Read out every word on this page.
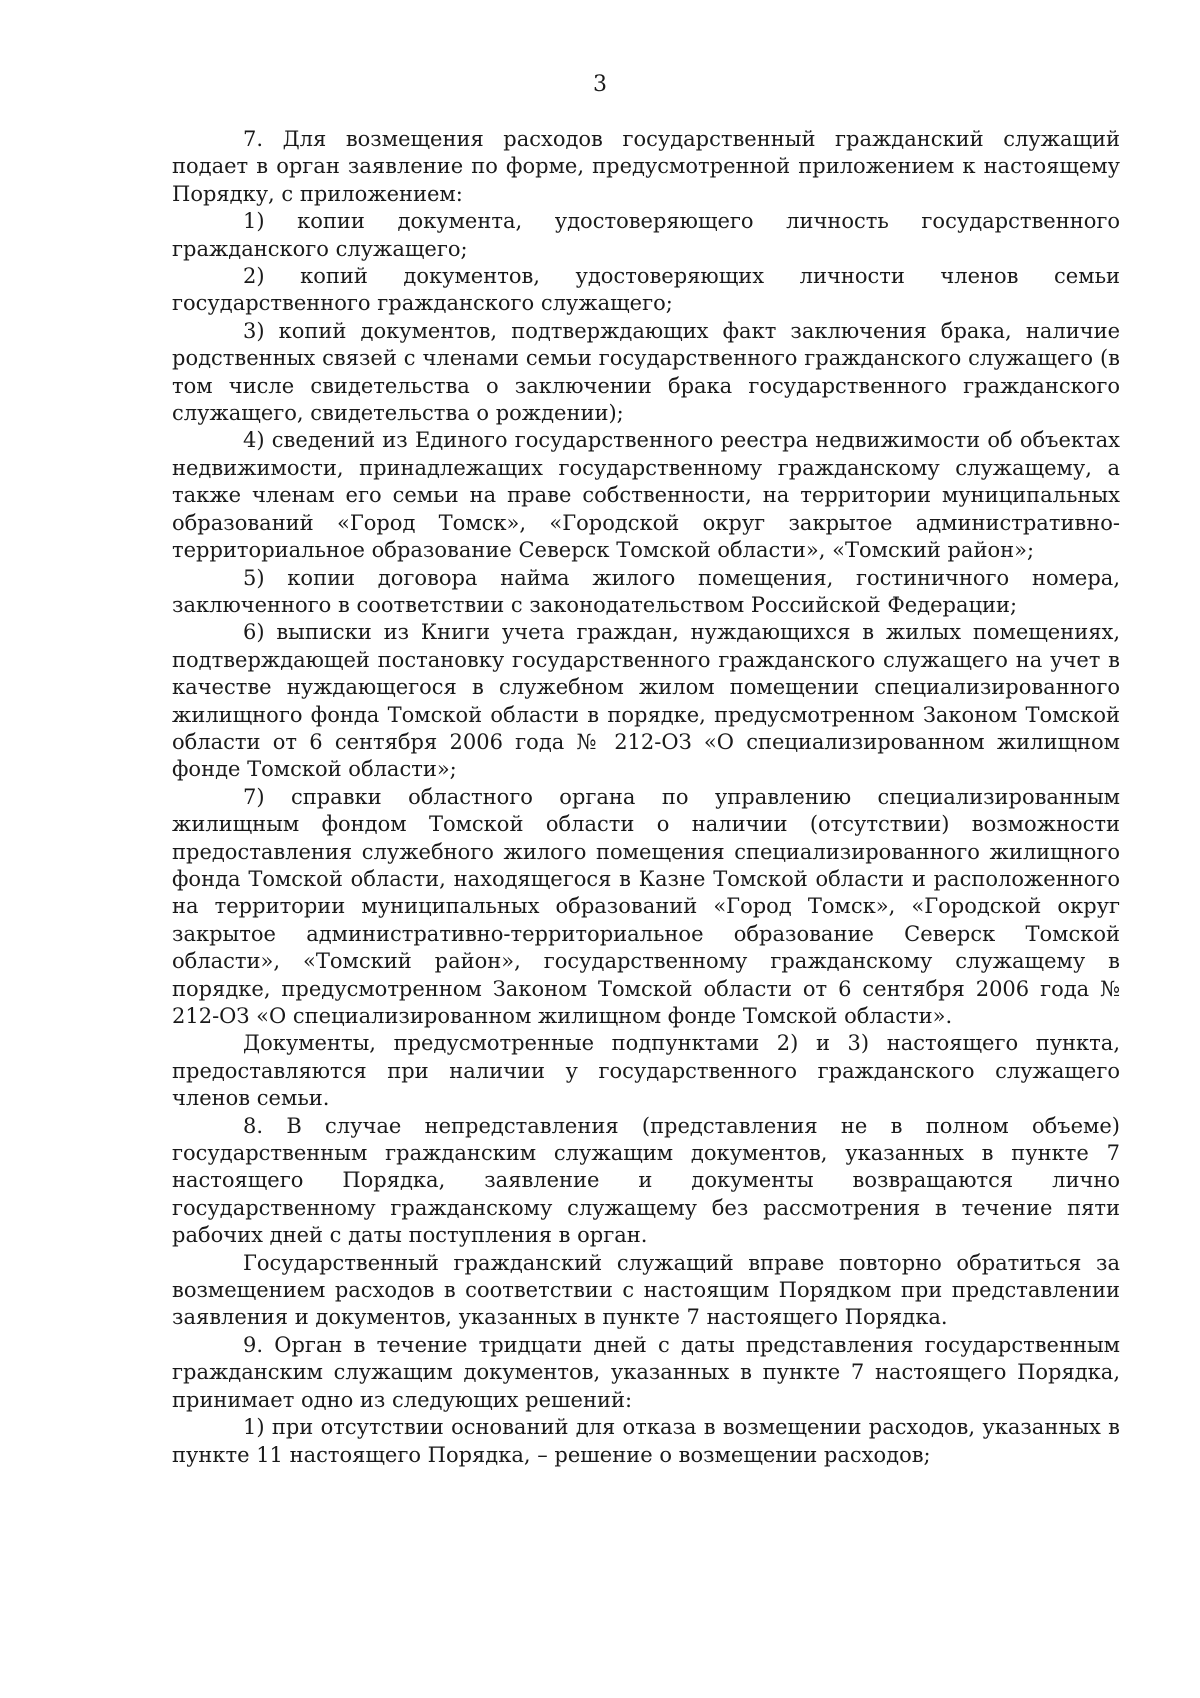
3

7. Для возмещения расходов государственный гражданский служащий подает в орган заявление по форме, предусмотренной приложением к настоящему Порядку, с приложением:

1) копии документа, удостоверяющего личность государственного гражданского служащего;

2) копий документов, удостоверяющих личности членов семьи государственного гражданского служащего;

3) копий документов, подтверждающих факт заключения брака, наличие родственных связей с членами семьи государственного гражданского служащего (в том числе свидетельства о заключении брака государственного гражданского служащего, свидетельства о рождении);

4) сведений из Единого государственного реестра недвижимости об объектах недвижимости, принадлежащих государственному гражданскому служащему, а также членам его семьи на праве собственности, на территории муниципальных образований «Город Томск», «Городской округ закрытое административно-территориальное образование Северск Томской области», «Томский район»;

5) копии договора найма жилого помещения, гостиничного номера, заключенного в соответствии с законодательством Российской Федерации;

6) выписки из Книги учета граждан, нуждающихся в жилых помещениях, подтверждающей постановку государственного гражданского служащего на учет в качестве нуждающегося в служебном жилом помещении специализированного жилищного фонда Томской области в порядке, предусмотренном Законом Томской области от 6 сентября 2006 года № 212-ОЗ «О специализированном жилищном фонде Томской области»;

7) справки областного органа по управлению специализированным жилищным фондом Томской области о наличии (отсутствии) возможности предоставления служебного жилого помещения специализированного жилищного фонда Томской области, находящегося в Казне Томской области и расположенного на территории муниципальных образований «Город Томск», «Городской округ закрытое административно-территориальное образование Северск Томской области», «Томский район», государственному гражданскому служащему в порядке, предусмотренном Законом Томской области от 6 сентября 2006 года № 212-ОЗ «О специализированном жилищном фонде Томской области».

Документы, предусмотренные подпунктами 2) и 3) настоящего пункта, предоставляются при наличии у государственного гражданского служащего членов семьи.

8. В случае непредставления (представления не в полном объеме) государственным гражданским служащим документов, указанных в пункте 7 настоящего Порядка, заявление и документы возвращаются лично государственному гражданскому служащему без рассмотрения в течение пяти рабочих дней с даты поступления в орган.

Государственный гражданский служащий вправе повторно обратиться за возмещением расходов в соответствии с настоящим Порядком при представлении заявления и документов, указанных в пункте 7 настоящего Порядка.

9. Орган в течение тридцати дней с даты представления государственным гражданским служащим документов, указанных в пункте 7 настоящего Порядка, принимает одно из следующих решений:

1) при отсутствии оснований для отказа в возмещении расходов, указанных в пункте 11 настоящего Порядка, – решение о возмещении расходов;
